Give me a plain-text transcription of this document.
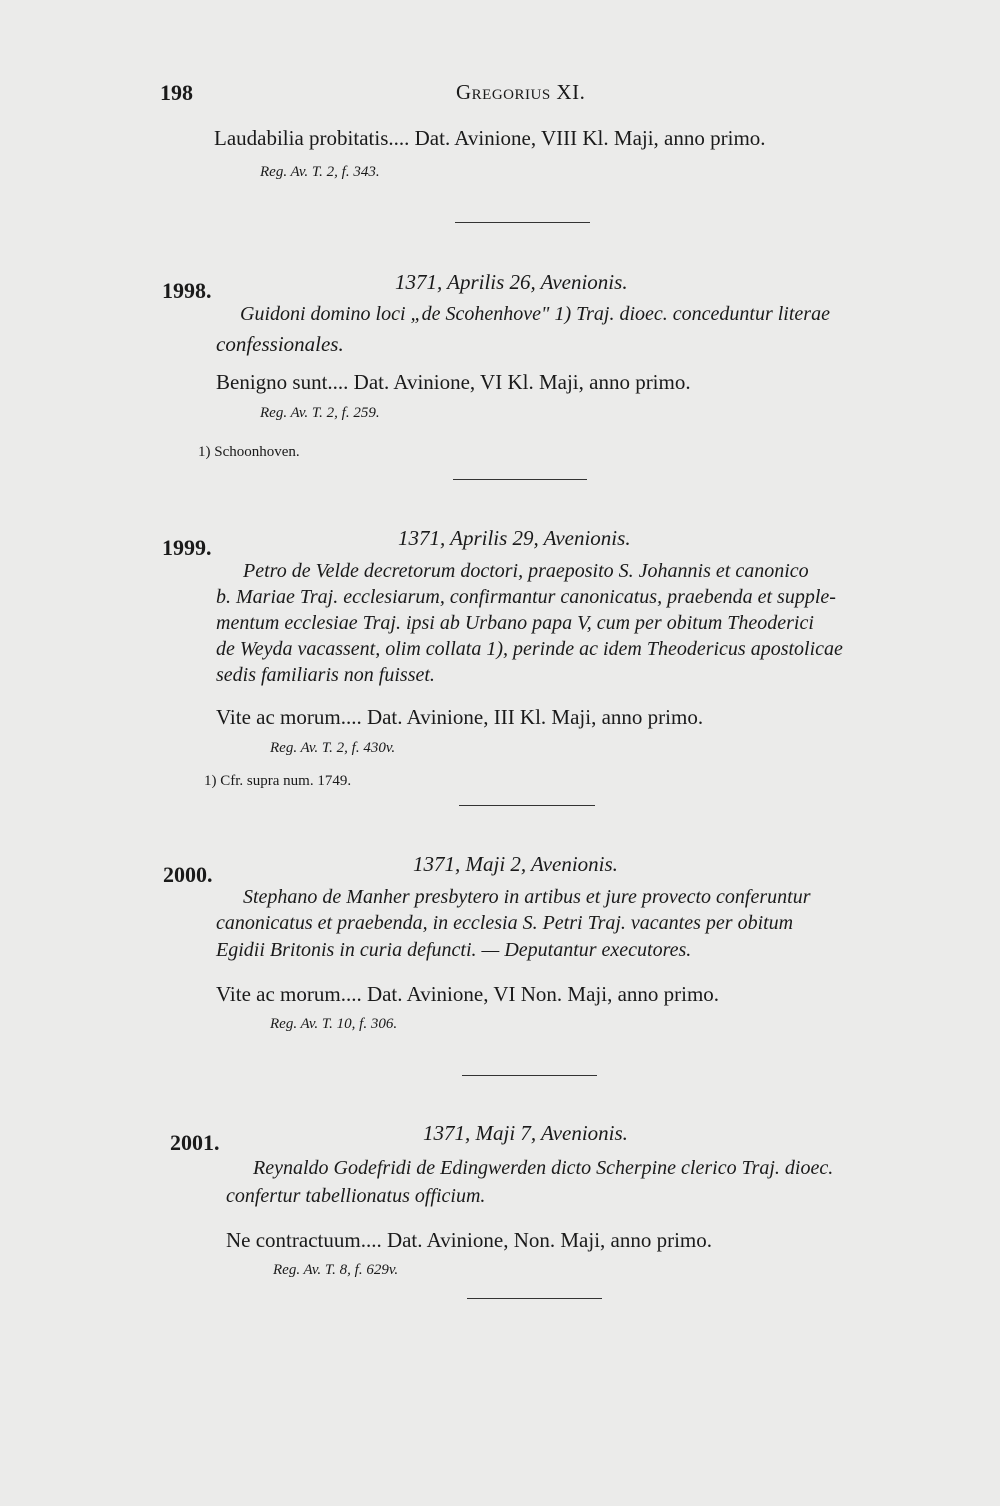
198	Gregorius XI.
Laudabilia probitatis.... Dat. Avinione, VIII Kl. Maji, anno primo.
Reg. Av. T. 2, f. 343.
1998.	1371, Aprilis 26, Avenionis.
Guidoni domino loci „de Scohenhove" 1) Traj. dioec. conceduntur literae
confessionales.
Benigno sunt.... Dat. Avinione, VI Kl. Maji, anno primo.
Reg. Av. T. 2, f. 259.
1) Schoonhoven.
1999.	1371, Aprilis 29, Avenionis.
Petro de Velde decretorum doctori, praeposito S. Johannis et canonico
b. Mariae Traj. ecclesiarum, confirmantur canonicatus, praebenda et supple-
mentum ecclesiae Traj. ipsi ab Urbano papa V, cum per obitum Theoderici
de Weyda vacassent, olim collata 1), perinde ac idem Theodericus apostolicae
sedis familiaris non fuisset.
Vite ac morum.... Dat. Avinione, III Kl. Maji, anno primo.
Reg. Av. T. 2, f. 430v.
1) Cfr. supra num. 1749.
2000.	1371, Maji 2, Avenionis.
Stephano de Manher presbytero in artibus et jure provecto conferuntur
canonicatus et praebenda, in ecclesia S. Petri Traj. vacantes per obitum
Egidii Britonis in curia defuncti. — Deputantur executores.
Vite ac morum.... Dat. Avinione, VI Non. Maji, anno primo.
Reg. Av. T. 10, f. 306.
2001.	1371, Maji 7, Avenionis.
Reynaldo Godefridi de Edingwerden dicto Scherpine clerico Traj. dioec.
confertur tabellionatus officium.
Ne contractuum.... Dat. Avinione, Non. Maji, anno primo.
Reg. Av. T. 8, f. 629v.
